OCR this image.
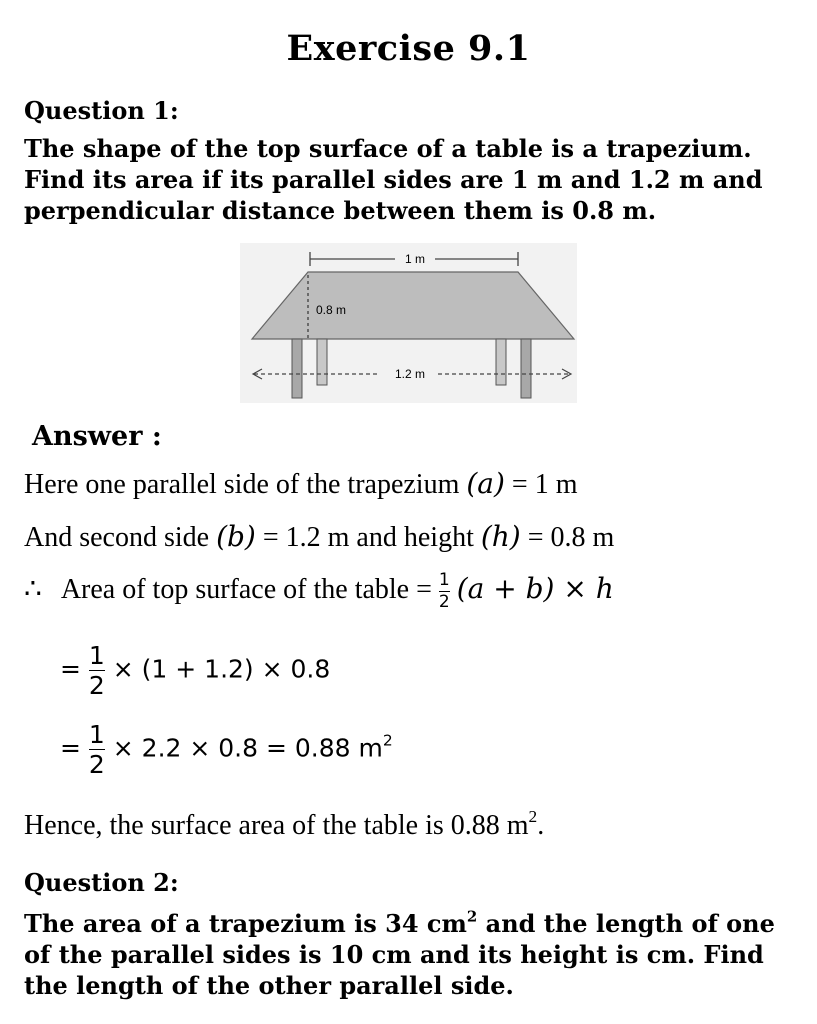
Exercise 9.1
Question 1:
The shape of the top surface of a table is a trapezium.
Find its area if its parallel sides are 1 m and 1.2 m and
perpendicular distance between them is 0.8 m.
1 m
0.8 m
1.2 m
Answer :
Here one parallel side of the trapezium (a) = 1 m
And second side (b) = 1.2 m and height (h) = 0.8 m
∴ Area of top surface of the table = $\frac{1}{2} (a + b) \times h$
= $\frac{1}{2} \times (1 + 1.2) \times 0.8$
= $\frac{1}{2} \times 2.2 \times 0.8 = 0.88$ $m^2$
Hence, the surface area of the table is 0.88 $m^2$.
Question 2:
The area of a trapezium is 34 $cm^2$ and the length of one
of the parallel sides is 10 cm and its height is cm. Find
the length of the other parallel side.
